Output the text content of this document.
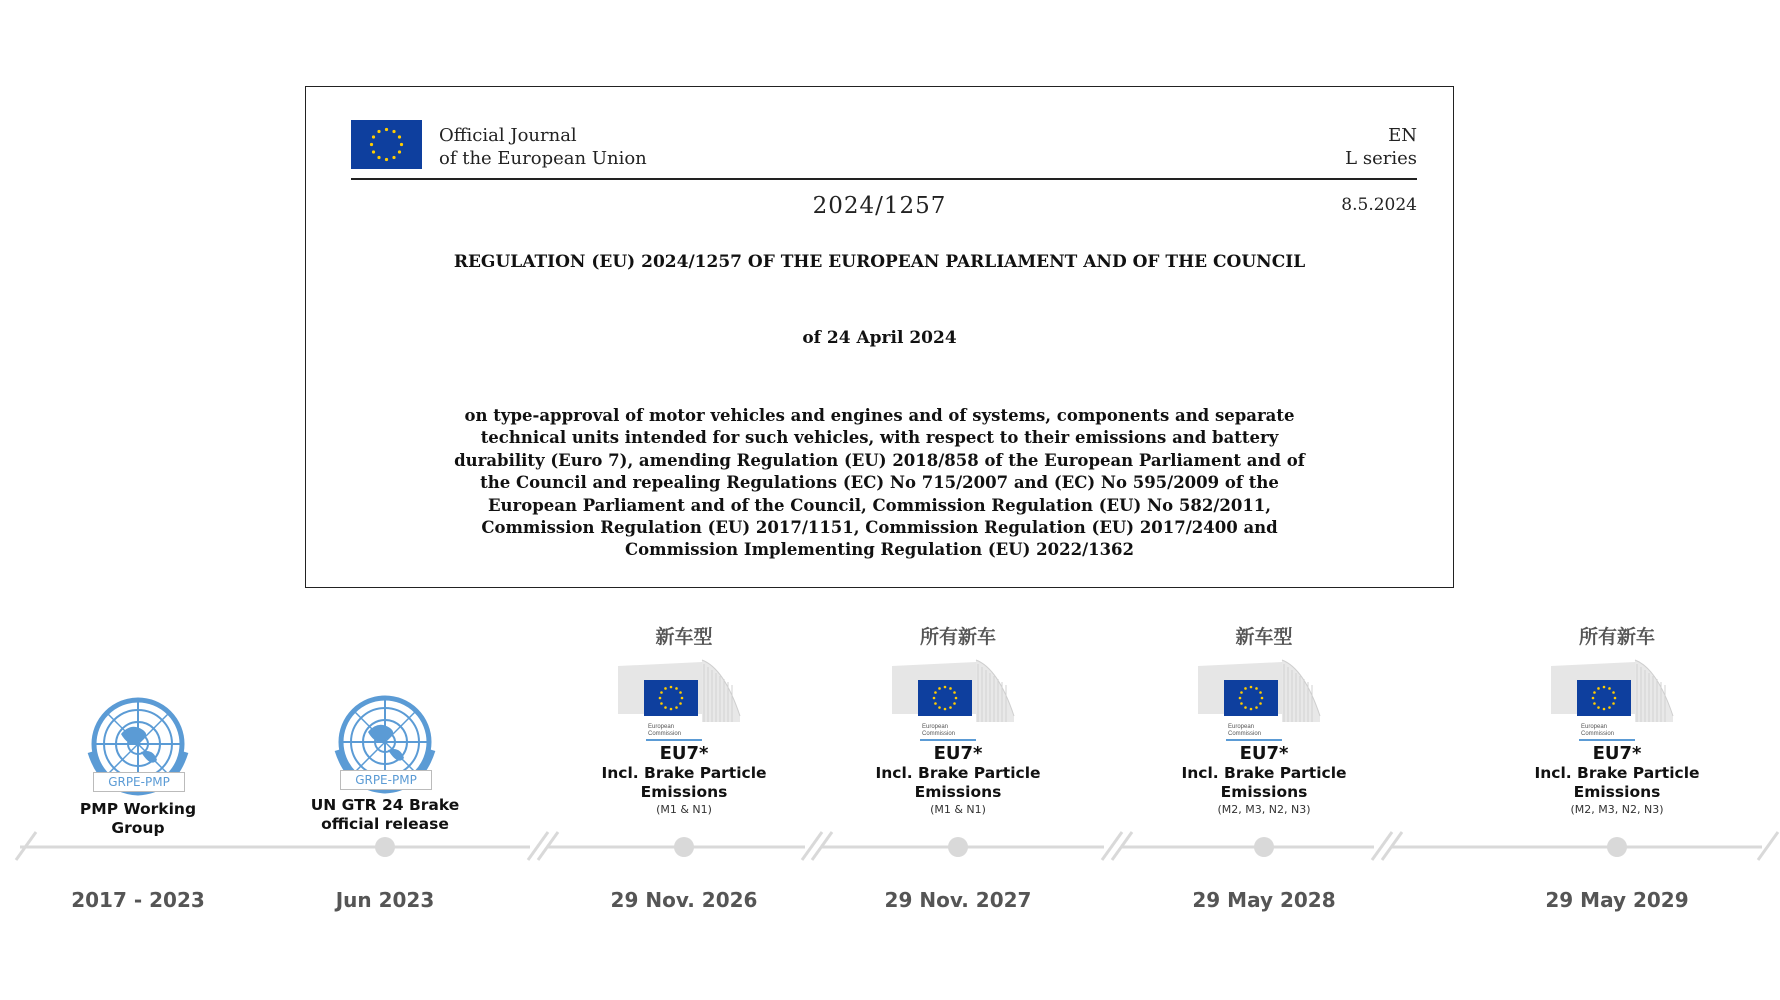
Official Journal
of the European Union
EN
L series
2024/1257	8.5.2024
REGULATION (EU) 2024/1257 OF THE EUROPEAN PARLIAMENT AND OF THE COUNCIL
of 24 April 2024
on type-approval of motor vehicles and engines and of systems, components and separate technical units intended for such vehicles, with respect to their emissions and battery durability (Euro 7), amending Regulation (EU) 2018/858 of the European Parliament and of the Council and repealing Regulations (EC) No 715/2007 and (EC) No 595/2009 of the European Parliament and of the Council, Commission Regulation (EU) No 582/2011, Commission Regulation (EU) 2017/1151, Commission Regulation (EU) 2017/2400 and Commission Implementing Regulation (EU) 2022/1362
GRPE-PMP
PMP Working Group
2017 - 2023
GRPE-PMP
UN GTR 24 Brake official release
Jun 2023
新车型
European
Commission
EU7*
Incl. Brake Particle Emissions
(M1 & N1)
29 Nov. 2026
所有新车
European
Commission
EU7*
Incl. Brake Particle Emissions
(M1 & N1)
29 Nov. 2027
新车型
European
Commission
EU7*
Incl. Brake Particle Emissions
(M2, M3, N2, N3)
29 May 2028
所有新车
European
Commission
EU7*
Incl. Brake Particle Emissions
(M2, M3, N2, N3)
29 May 2029
